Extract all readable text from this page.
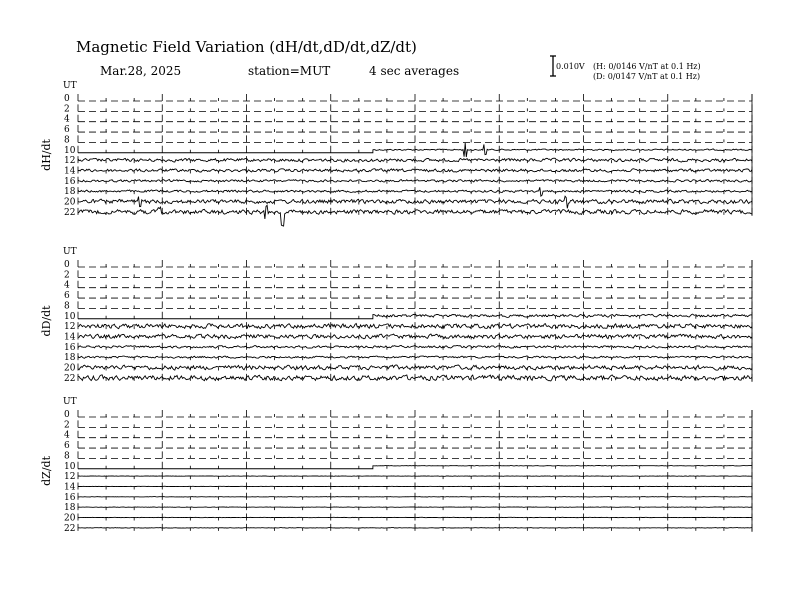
Magnetic Field Variation (dH/dt,dD/dt,dZ/dt)
Mar.28, 2025	station=MUT	4 sec averages	0.010V (H: 0/0146 V/nT at 0.1 Hz)
(D: 0/0147 V/nT at 0.1 Hz)
UT
dH/dt
0
2
4
6
8
10
12
14
16
18
20
22
UT
dD/dt
0
2
4
6
8
10
12
14
16
18
20
22
UT
dZ/dt
0
2
4
6
8
10
12
14
16
18
20
22
